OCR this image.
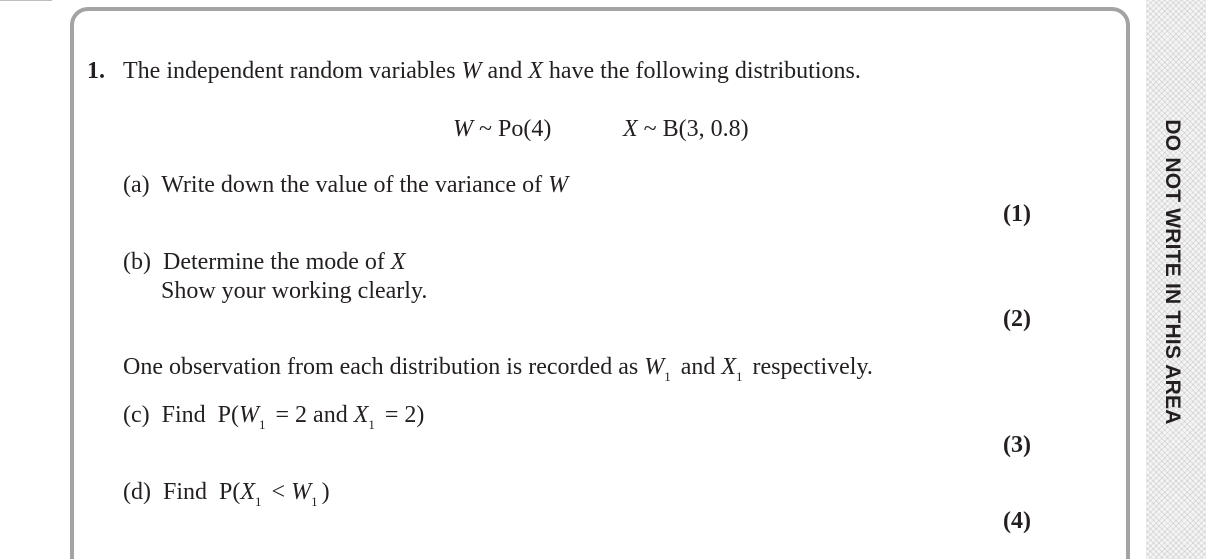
1. The independent random variables W and X have the following distributions.
W ~ Po(4)	X ~ B(3, 0.8)
(a) Write down the value of the variance of W
(1)
(b) Determine the mode of X
Show your working clearly.
(2)
One observation from each distribution is recorded as $W_1$ and $X_1$ respectively.
(c) Find $P(W_1 = 2$ and $X_1 = 2$)
(3)
(d) Find $P(X_1 < W_1$ )
(4)
DO NOT WRITE IN THIS AREA
